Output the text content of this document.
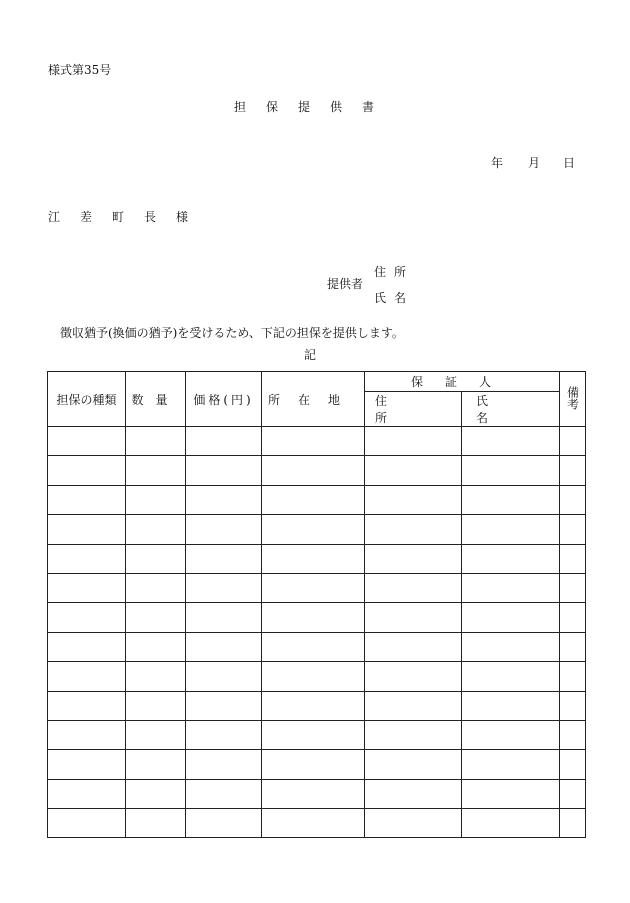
様式第35号
担保提供書
年 月 日
江差町長様
住所
提供者
氏名
徴収猶予(換価の猶予)を受けるため、下記の担保を提供します。
記
担保の種類	数量	価格(円)	所在地	保証人		備考
				住所	氏名	
